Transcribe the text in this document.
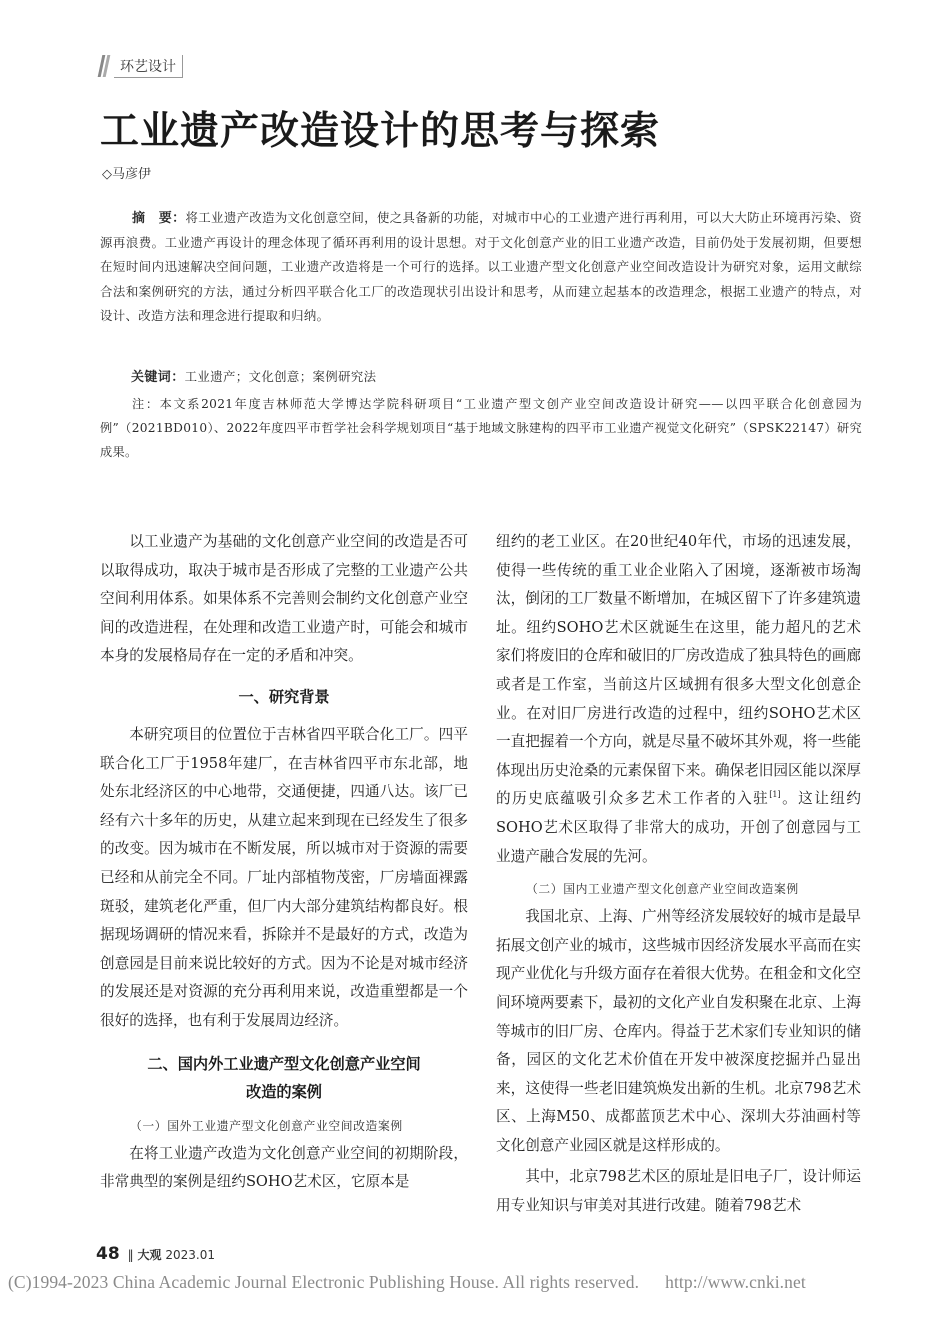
环艺设计
工业遗产改造设计的思考与探索
◇马彦伊
摘　要：将工业遗产改造为文化创意空间，使之具备新的功能，对城市中心的工业遗产进行再利用，可以大大防止环境再污染、资源再浪费。工业遗产再设计的理念体现了循环再利用的设计思想。对于文化创意产业的旧工业遗产改造，目前仍处于发展初期，但要想在短时间内迅速解决空间问题，工业遗产改造将是一个可行的选择。以工业遗产型文化创意产业空间改造设计为研究对象，运用文献综合法和案例研究的方法，通过分析四平联合化工厂的改造现状引出设计和思考，从而建立起基本的改造理念，根据工业遗产的特点，对设计、改造方法和理念进行提取和归纳。
关键词：工业遗产；文化创意；案例研究法
注：本文系2021年度吉林师范大学博达学院科研项目“工业遗产型文创产业空间改造设计研究——以四平联合化创意园为例”（2021BD010）、2022年度四平市哲学社会科学规划项目“基于地域文脉建构的四平市工业遗产视觉文化研究”（SPSK22147）研究成果。

以工业遗产为基础的文化创意产业空间的改造是否可以取得成功，取决于城市是否形成了完整的工业遗产公共空间利用体系。如果体系不完善则会制约文化创意产业空间的改造进程，在处理和改造工业遗产时，可能会和城市本身的发展格局存在一定的矛盾和冲突。

一、研究背景

本研究项目的位置位于吉林省四平联合化工厂。四平联合化工厂于1958年建厂，在吉林省四平市东北部，地处东北经济区的中心地带，交通便捷，四通八达。该厂已经有六十多年的历史，从建立起来到现在已经发生了很多的改变。因为城市在不断发展，所以城市对于资源的需要已经和从前完全不同。厂址内部植物茂密，厂房墙面裸露斑驳，建筑老化严重，但厂内大部分建筑结构都良好。根据现场调研的情况来看，拆除并不是最好的方式，改造为创意园是目前来说比较好的方式。因为不论是对城市经济的发展还是对资源的充分再利用来说，改造重塑都是一个很好的选择，也有利于发展周边经济。

二、国内外工业遗产型文化创意产业空间

改造的案例

（一）国外工业遗产型文化创意产业空间改造案例

在将工业遗产改造为文化创意产业空间的初期阶段，非常典型的案例是纽约SOHO艺术区，它原本是

纽约的老工业区。在20世纪40年代，市场的迅速发展，使得一些传统的重工业企业陷入了困境，逐渐被市场淘汰，倒闭的工厂数量不断增加，在城区留下了许多建筑遗址。纽约SOHO艺术区就诞生在这里，能力超凡的艺术家们将废旧的仓库和破旧的厂房改造成了独具特色的画廊或者是工作室，当前这片区域拥有很多大型文化创意企业。在对旧厂房进行改造的过程中，纽约SOHO艺术区一直把握着一个方向，就是尽量不破坏其外观，将一些能体现出历史沧桑的元素保留下来。确保老旧园区能以深厚的历史底蕴吸引众多艺术工作者的入驻[1]。这让纽约SOHO艺术区取得了非常大的成功，开创了创意园与工业遗产融合发展的先河。

（二）国内工业遗产型文化创意产业空间改造案例

我国北京、上海、广州等经济发展较好的城市是最早拓展文创产业的城市，这些城市因经济发展水平高而在实现产业优化与升级方面存在着很大优势。在租金和文化空间环境两要素下，最初的文化产业自发积聚在北京、上海等城市的旧厂房、仓库内。得益于艺术家们专业知识的储备，园区的文化艺术价值在开发中被深度挖掘并凸显出来，这使得一些老旧建筑焕发出新的生机。北京798艺术区、上海M50、成都蓝顶艺术中心、深圳大芬油画村等文化创意产业园区就是这样形成的。

其中，北京798艺术区的原址是旧电子厂，设计师运用专业知识与审美对其进行改建。随着798艺术

48 ‖ 大观 2023.01
(C)1994-2023 China Academic Journal Electronic Publishing House. All rights reserved. http://www.cnki.net
